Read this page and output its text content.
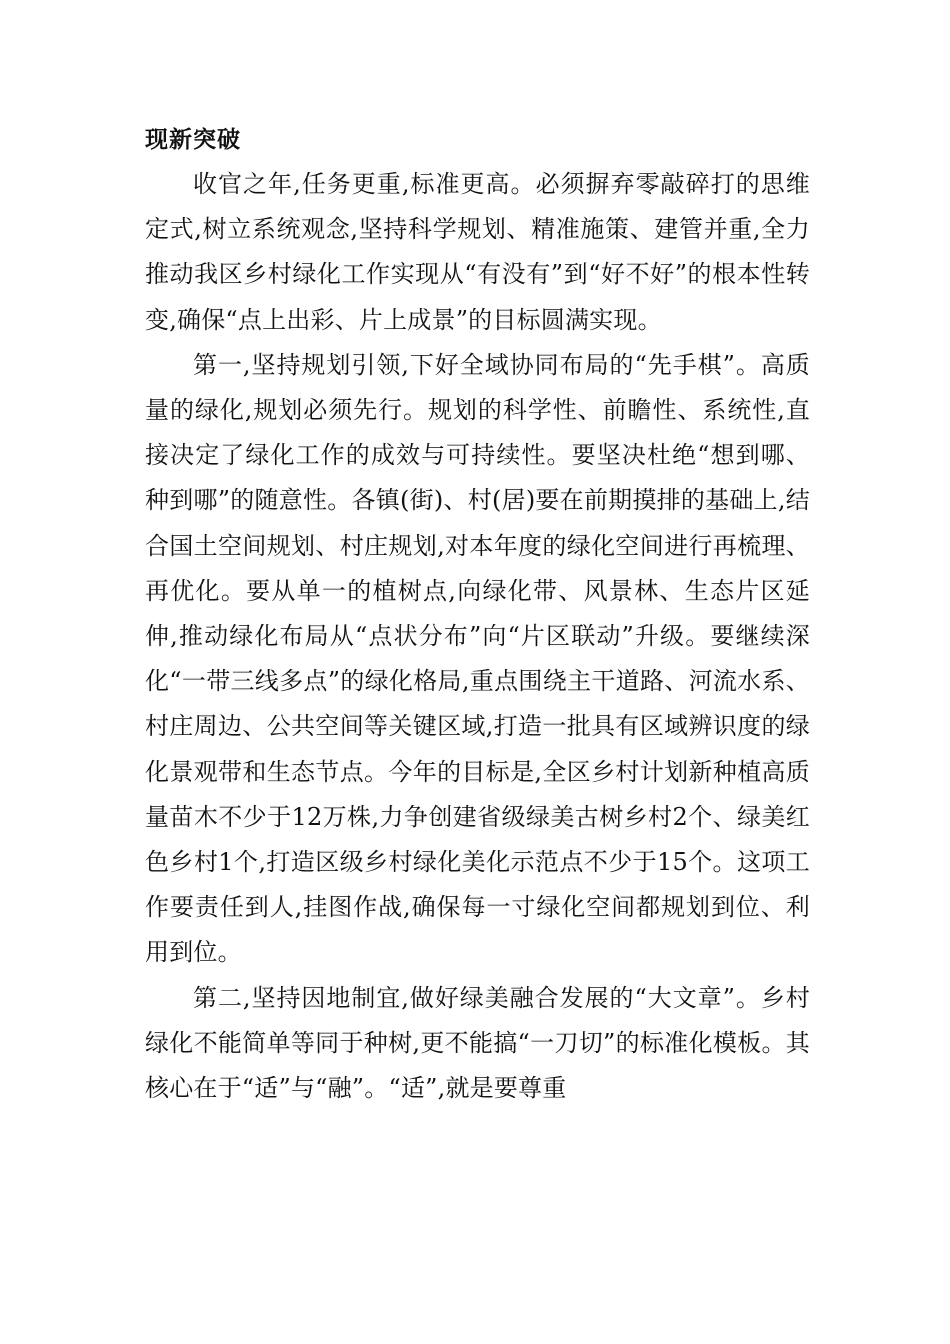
现新突破

收官之年,任务更重,标准更高。必须摒弃零敲碎打的思维定式,树立系统观念,坚持科学规划、精准施策、建管并重,全力推动我区乡村绿化工作实现从“有没有”到“好不好”的根本性转变,确保“点上出彩、片上成景”的目标圆满实现。

第一,坚持规划引领,下好全域协同布局的“先手棋”。高质量的绿化,规划必须先行。规划的科学性、前瞻性、系统性,直接决定了绿化工作的成效与可持续性。要坚决杜绝“想到哪、种到哪”的随意性。各镇(街)、村(居)要在前期摸排的基础上,结合国土空间规划、村庄规划,对本年度的绿化空间进行再梳理、再优化。要从单一的植树点,向绿化带、风景林、生态片区延伸,推动绿化布局从“点状分布”向“片区联动”升级。要继续深化“一带三线多点”的绿化格局,重点围绕主干道路、河流水系、村庄周边、公共空间等关键区域,打造一批具有区域辨识度的绿化景观带和生态节点。今年的目标是,全区乡村计划新种植高质量苗木不少于12万株,力争创建省级绿美古树乡村2个、绿美红色乡村1个,打造区级乡村绿化美化示范点不少于15个。这项工作要责任到人,挂图作战,确保每一寸绿化空间都规划到位、利用到位。

第二,坚持因地制宜,做好绿美融合发展的“大文章”。乡村绿化不能简单等同于种树,更不能搞“一刀切”的标准化模板。其核心在于“适”与“融”。“适”,就是要尊重
